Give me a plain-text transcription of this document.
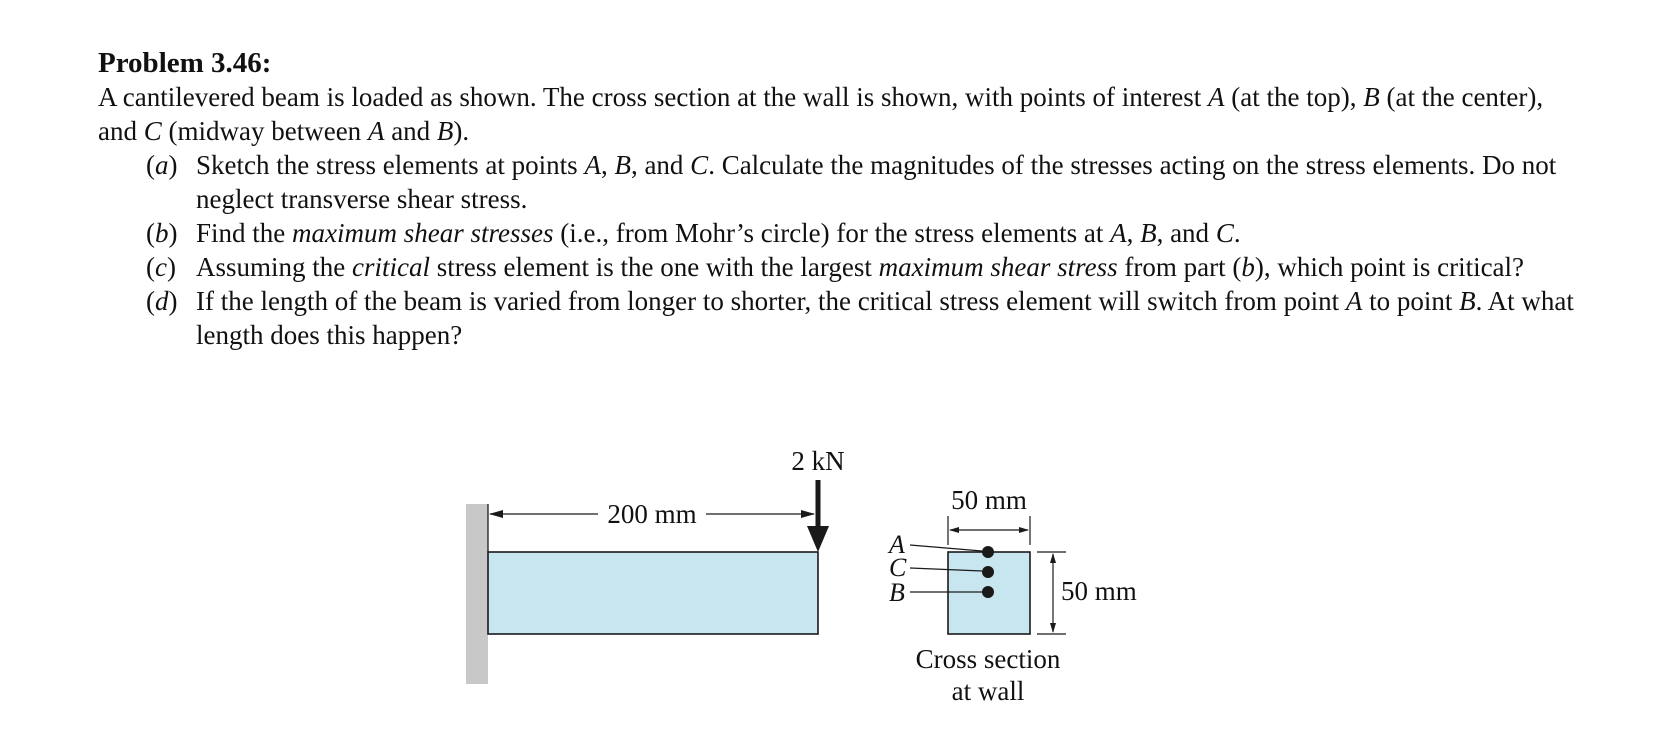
Problem 3.46:

A cantilevered beam is loaded as shown. The cross section at the wall is shown, with points of interest A (at the top), B (at the center), and C (midway between A and B).

(a) Sketch the stress elements at points A, B, and C. Calculate the magnitudes of the stresses acting on the stress elements. Do not neglect transverse shear stress.
(b) Find the maximum shear stresses (i.e., from Mohr’s circle) for the stress elements at A, B, and C.
(c) Assuming the critical stress element is the one with the largest maximum shear stress from part (b), which point is critical?
(d) If the length of the beam is varied from longer to shorter, the critical stress element will switch from point A to point B. At what length does this happen?
200 mm
2 kN
50 mm
50 mm
A
C
B
Cross section
at wall
